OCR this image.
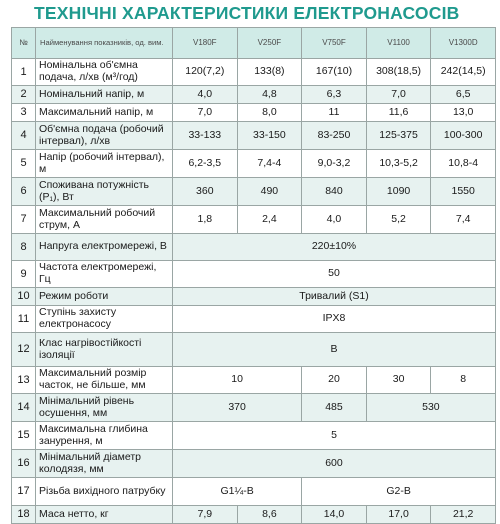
ТЕХНІЧНІ ХАРАКТЕРИСТИКИ ЕЛЕКТРОНАСОСІВ
№	Найменування показників, од. вим.	V180F	V250F	V750F	V1100	V1300D
1	Номінальна об'ємна подача, л/хв (м³/год)	120(7,2)	133(8)	167(10)	308(18,5)	242(14,5)
2	Номінальний напір, м	4,0	4,8	6,3	7,0	6,5
3	Максимальний напір, м	7,0	8,0	11	11,6	13,0
4	Об'ємна подача (робочий інтервал), л/хв	33-133	33-150	83-250	125-375	100-300
5	Напір (робочий інтервал), м	6,2-3,5	7,4-4	9,0-3,2	10,3-5,2	10,8-4
6	Споживана потужність (P₁), Вт	360	490	840	1090	1550
7	Максимальний робочий струм, А	1,8	2,4	4,0	5,2	7,4
8	Напруга електромережі, В	220±10%				
9	Частота електромережі, Гц	50				
10	Режим роботи	Тривалий (S1)				
11	Ступінь захисту електронасосу	IPX8				
12	Клас нагрівостійкості ізоляції	B				
13	Максимальний розмір часток, не більше, мм	10		20	30	8
14	Мінімальний рівень осушення, мм	370		485	530	
15	Максимальна глибина занурення, м	5				
16	Мінімальний діаметр колодязя, мм	600				
17	Різьба вихідного патрубку	G1¼-B		G2-B		
18	Маса нетто, кг	7,9	8,6	14,0	17,0	21,2
